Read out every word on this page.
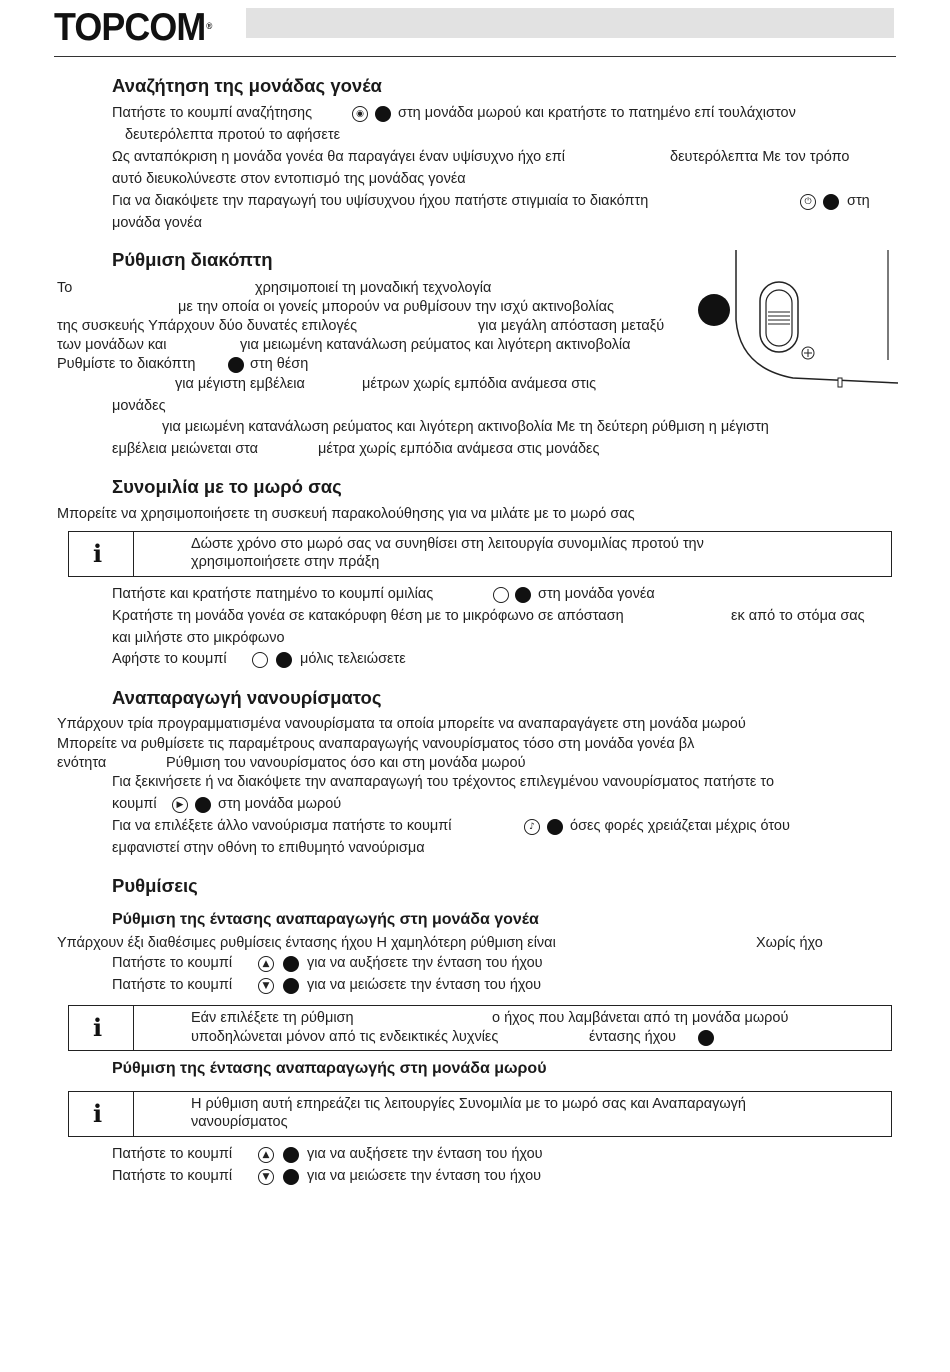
TOPCOM®
Αναζήτηση της μονάδας γονέα
Πατήστε το κουμπί αναζήτησης	◉ στη μονάδα μωρού και κρατήστε το πατημένο επί τουλάχιστον
δευτερόλεπτα προτού το αφήσετε
Ως ανταπόκριση η μονάδα γονέα θα παραγάγει έναν υψίσυχνο ήχο επί	δευτερόλεπτα Με τον τρόπο
αυτό διευκολύνεστε στον εντοπισμό της μονάδας γονέα
Για να διακόψετε την παραγωγή του υψίσυχνου ήχου πατήστε στιγμιαία το διακόπτη	⏻	στη
μονάδα γονέα
Ρύθμιση διακόπτη
Το	χρησιμοποιεί τη μοναδική τεχνολογία
με την οποία οι γονείς μπορούν να ρυθμίσουν την ισχύ ακτινοβολίας
της συσκευής Υπάρχουν δύο δυνατές επιλογές	για μεγάλη απόσταση μεταξύ
των μονάδων και	για μειωμένη κατανάλωση ρεύματος και λιγότερη ακτινοβολία
Ρυθμίστε το διακόπτη	στη θέση
για μέγιστη εμβέλεια	μέτρων χωρίς εμπόδια ανάμεσα στις
μονάδες
για μειωμένη κατανάλωση ρεύματος και λιγότερη ακτινοβολία Με τη δεύτερη ρύθμιση η μέγιστη
εμβέλεια μειώνεται στα	μέτρα χωρίς εμπόδια ανάμεσα στις μονάδες
Συνομιλία με το μωρό σας
Μπορείτε να χρησιμοποιήσετε τη συσκευή παρακολούθησης για να μιλάτε με το μωρό σας
i	Δώστε χρόνο στο μωρό σας να συνηθίσει στη λειτουργία συνομιλίας προτού την
χρησιμοποιήσετε στην πράξη
Πατήστε και κρατήστε πατημένο το κουμπί ομιλίας	στη μονάδα γονέα
Κρατήστε τη μονάδα γονέα σε κατακόρυφη θέση με το μικρόφωνο σε απόσταση	εκ από το στόμα σας
και μιλήστε στο μικρόφωνο
Αφήστε το κουμπί	μόλις τελειώσετε
Αναπαραγωγή νανουρίσματος
Υπάρχουν τρία προγραμματισμένα νανουρίσματα τα οποία μπορείτε να αναπαραγάγετε στη μονάδα μωρού
Μπορείτε να ρυθμίσετε τις παραμέτρους αναπαραγωγής νανουρίσματος τόσο στη μονάδα γονέα βλ
ενότητα	Ρύθμιση του νανουρίσματος όσο και στη μονάδα μωρού
Για ξεκινήσετε ή να διακόψετε την αναπαραγωγή του τρέχοντος επιλεγμένου νανουρίσματος πατήστε το
κουμπί	▶	στη μονάδα μωρού
Για να επιλέξετε άλλο νανούρισμα πατήστε το κουμπί	♪	όσες φορές χρειάζεται μέχρις ότου
εμφανιστεί στην οθόνη το επιθυμητό νανούρισμα
Ρυθμίσεις
Ρύθμιση της έντασης αναπαραγωγής στη μονάδα γονέα
Υπάρχουν έξι διαθέσιμες ρυθμίσεις έντασης ήχου Η χαμηλότερη ρύθμιση είναι	Χωρίς ήχο
Πατήστε το κουμπί	▲	για να αυξήσετε την ένταση του ήχου
Πατήστε το κουμπί	▼	για να μειώσετε την ένταση του ήχου
i	Εάν επιλέξετε τη ρύθμιση	ο ήχος που λαμβάνεται από τη μονάδα μωρού
υποδηλώνεται μόνον από τις ενδεικτικές λυχνίες	έντασης ήχου
Ρύθμιση της έντασης αναπαραγωγής στη μονάδα μωρού
i	Η ρύθμιση αυτή επηρεάζει τις λειτουργίες Συνομιλία με το μωρό σας και Αναπαραγωγή
νανουρίσματος
Πατήστε το κουμπί	▲	για να αυξήσετε την ένταση του ήχου
Πατήστε το κουμπί	▼	για να μειώσετε την ένταση του ήχου
